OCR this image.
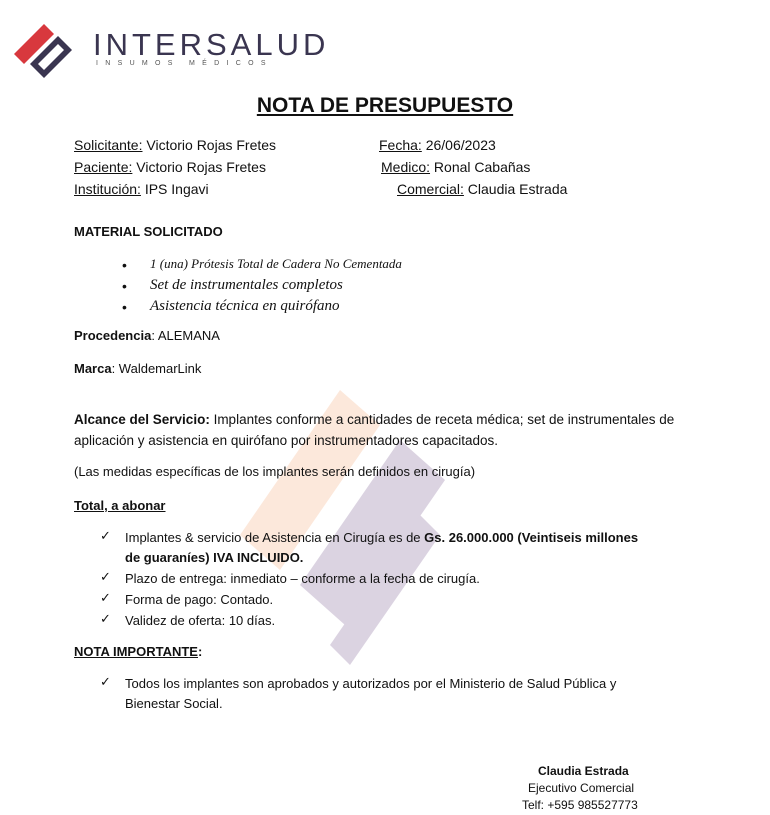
INTERSALUD
INSUMOS MÉDICOS
NOTA DE PRESUPUESTO
Solicitante: Victorio Rojas Fretes
Paciente: Victorio Rojas Fretes
Institución: IPS Ingavi
Fecha: 26/06/2023
Medico: Ronal Cabañas
Comercial: Claudia Estrada
MATERIAL SOLICITADO
• 1 (una) Prótesis Total de Cadera No Cementada
• Set de instrumentales completos
• Asistencia técnica en quirófano
Procedencia: ALEMANA
Marca: WaldemarLink
Alcance del Servicio: Implantes conforme a cantidades de receta médica; set de instrumentales de
aplicación y asistencia en quirófano por instrumentadores capacitados.
(Las medidas específicas de los implantes serán definidos en cirugía)
Total, a abonar
✓ Implantes & servicio de Asistencia en Cirugía es de Gs. 26.000.000 (Veintiseis millones
de guaraníes) IVA INCLUIDO.
✓ Plazo de entrega: inmediato – conforme a la fecha de cirugía.
✓ Forma de pago: Contado.
✓ Validez de oferta: 10 días.
NOTA IMPORTANTE:
✓ Todos los implantes son aprobados y autorizados por el Ministerio de Salud Pública y
Bienestar Social.
Claudia Estrada
Ejecutivo Comercial
Telf: +595 985527773
